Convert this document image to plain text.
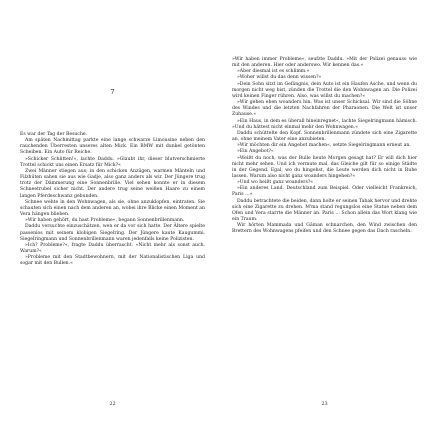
7

Es war der Tag der Besuche.

Am späten Nachmittag parkte eine lange schwarze Limousine neben den rauchenden Überresten unseres alten Mick. Ein BMW mit dunkel getönten Scheiben. Ein Auto für Reiche.

»Schicker Schlitten!«, lachte Daddu. »Glaubt ihr, dieser blutverschmierte Trottel schickt uns einen Ersatz für Mick?«

Zwei Männer stiegen aus; in den schicken Anzügen, warmen Mänteln und Filzhüten sahen sie aus wie Gadje, also ganz anders als wir. Der Jüngere trug trotz der Dämmerung eine Sonnenbrille. Viel sehen konnte er in diesem Schneetrubel sicher nicht. Der andere trug seine weißen Haare zu einem langen Pferdeschwanz gebunden.

Schnee wehte in den Wohnwagen, als sie, ohne anzuklopfen, eintraten. Sie schauten sich einen nach dem anderen an, wobei ihre Blicke einen Moment an Vera hängen blieben.

»Wir haben gehört, du hast Probleme«, begann Sonnenbrillenmann.

Daddu versuchte einzuschätzen, wen er da vor sich hatte. Der Ältere spielte passenlos mit seinem klobigen Siegelring. Der Jüngere kaute Kaugummi. Siegelringmann und Sonnenbrillenmann waren jedenfalls keine Polizisten.

»Ich? Probleme?«, fragte Daddu überrascht. »Nicht mehr als sonst auch. Warum?«

»Probleme mit den Stadtbewohnern, mit der Nationalistischen Liga und sogar mit den Bullen.«

22

»Wir haben immer Probleme«, seufzte Daddu. »Mit der Polizei genauso wie mit den anderen. Hier oder anderswo. Wir kennen das.«

»Aber diesmal ist es schlimm.«

»Woher willst du das denn wissen?«

»Dein Sohn sitzt im Gefängnis, dein Auto ist ein Haufen Asche, und wenn du morgen nicht weg bist, zünden die Trottel die den Wohnwagen an. Die Polizei wird keinen Finger rühren. Also, was willst du machen?«

»Wir gehen eben woanders hin. Was ist unser Schicksal. Wir sind die Söhne des Windes und die letzten Nachfahren der Pharaonen. Die Welt ist unser Zuhause.«

»Ein Haus, in dem es überall hineinregnet«, lachte Siegelringmann hämisch. »Und du hättest nicht einmal mehr den Wohnwagen.«

Daddu schüttelte den Kopf. Sonnenbrillenmann zündete sich eine Zigarette an, ohne meinem Vater eine anzubieten.

»Wir möchten dir ein Angebot machen«, setzte Siegelringmann erneut an.

»Ein Angebot?«

»Weißt du noch, was der Bulle heute Morgen gesagt hat? Er will dich hier nicht mehr sehen. Und ich vermute mal, das Gleiche gilt für so einige Städte in der Gegend. Egal, wo du hingehst, die Leute werden dich nicht in Ruhe lassen. Warum also nicht ganz woanders hingehen?«

»Und wo heißt ganz woanders?«

»Ein anderes Land. Deutschland zum Beispiel. Oder vielleicht Frankreich, Paris …«

Daddu betrachtete die beiden, dann holte er seinen Tabak hervor und drehte sich eine Zigarette zu drehen. M'ma stand regungslos eine Statue neben dem Ofen und Vera starrte die Männer an. Paris … Schon allein das Wort klang wie ein Traum.

Wir hörten Mammada und Gâman schnarchen, den Wind zwischen den Brettern des Wohnwagens pfeifen und den Schnee gegen das Dach rascheln.

23
